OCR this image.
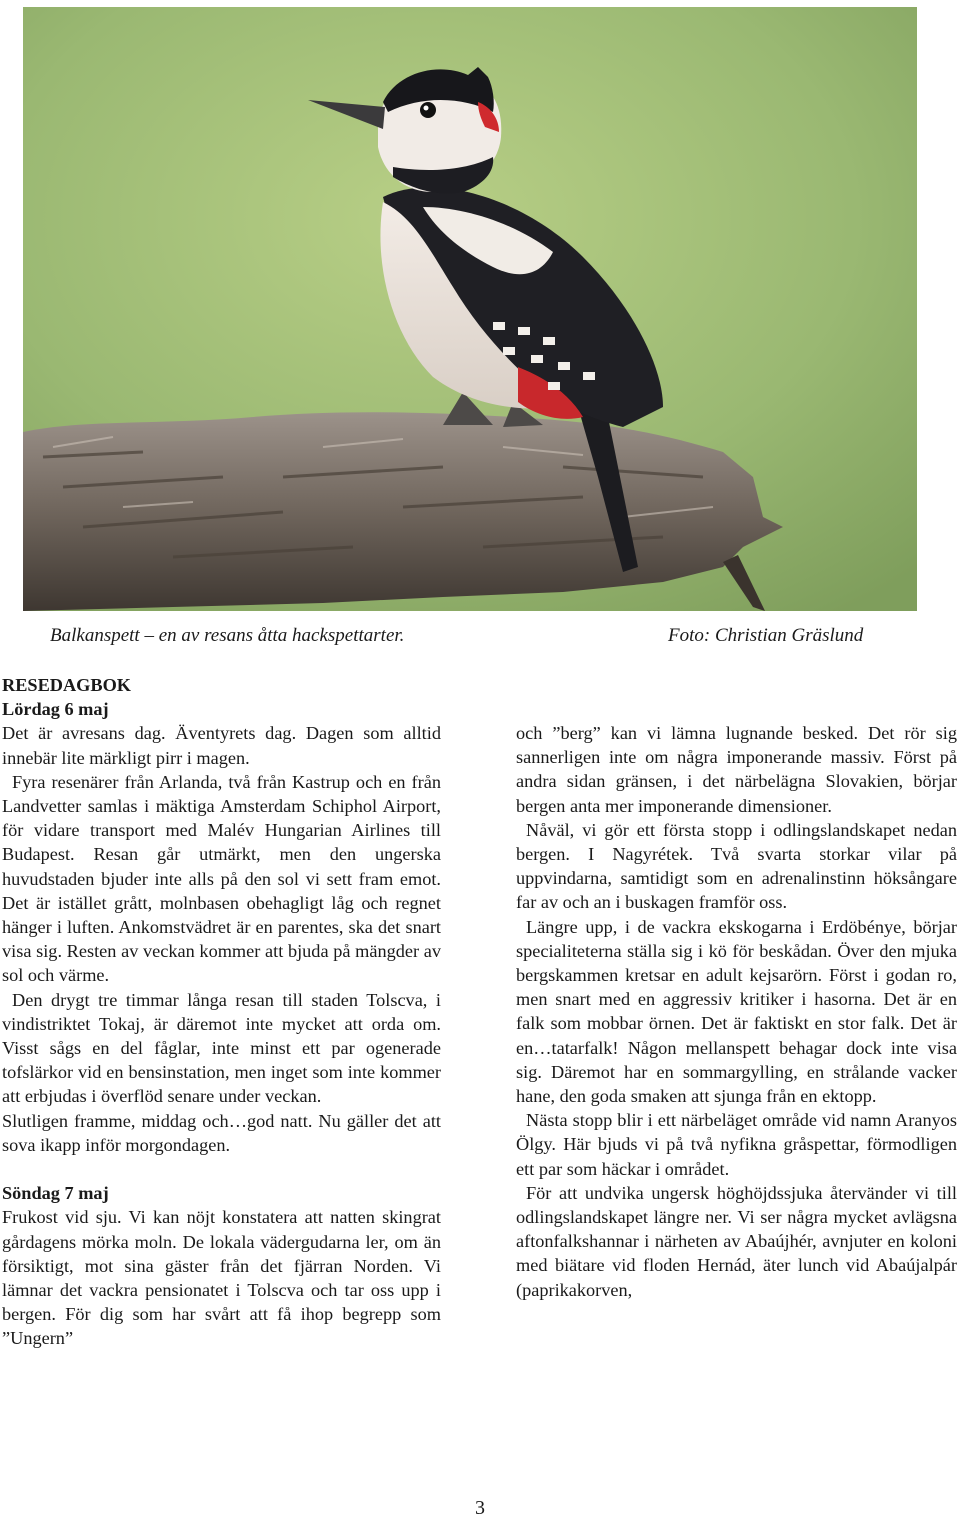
Balkanspett – en av resans åtta hackspettarter.	Foto: Christian Gräslund

RESEDAGBOK

Lördag 6 maj

Det är avresans dag. Äventyrets dag. Dagen som alltid innebär lite märkligt pirr i magen.

Fyra resenärer från Arlanda, två från Kastrup och en från Landvetter samlas i mäktiga Amsterdam Schiphol Airport, för vidare transport med Malév Hungarian Airlines till Budapest. Resan går utmärkt, men den ungerska huvudstaden bjuder inte alls på den sol vi sett fram emot. Det är istället grått, molnbasen obehagligt låg och regnet hänger i luften. Ankomstvädret är en parentes, ska det snart visa sig. Resten av veckan kommer att bjuda på mängder av sol och värme.

Den drygt tre timmar långa resan till staden Tolscva, i vindistriktet Tokaj, är däremot inte mycket att orda om. Visst sågs en del fåglar, inte minst ett par ogenerade tofslärkor vid en bensinstation, men inget som inte kommer att erbjudas i överflöd senare under veckan.

Slutligen framme, middag och…god natt. Nu gäller det att sova ikapp inför morgondagen.

Söndag 7 maj

Frukost vid sju. Vi kan nöjt konstatera att natten skingrat gårdagens mörka moln. De lokala vädergudarna ler, om än försiktigt, mot sina gäster från det fjärran Norden. Vi lämnar det vackra pensionatet i Tolscva och tar oss upp i bergen. För dig som har svårt att få ihop begrepp som ”Ungern”

och ”berg” kan vi lämna lugnande besked. Det rör sig sannerligen inte om några imponerande massiv. Först på andra sidan gränsen, i det närbelägna Slovakien, börjar bergen anta mer imponerande dimensioner.

Nåväl, vi gör ett första stopp i odlingslandskapet nedan bergen. I Nagyrétek. Två svarta storkar vilar på uppvindarna, samtidigt som en adrenalinstinn höksångare far av och an i buskagen framför oss.

Längre upp, i de vackra ekskogarna i Erdöbénye, börjar specialiteterna ställa sig i kö för beskådan. Över den mjuka bergskammen kretsar en adult kejsarörn. Först i godan ro, men snart med en aggressiv kritiker i hasorna. Det är en falk som mobbar örnen. Det är faktiskt en stor falk. Det är en…tatarfalk! Någon mellanspett behagar dock inte visa sig. Däremot har en sommargylling, en strålande vacker hane, den goda smaken att sjunga från en ektopp.

Nästa stopp blir i ett närbeläget område vid namn Aranyos Ölgy. Här bjuds vi på två nyfikna gråspettar, förmodligen ett par som häckar i området.

För att undvika ungersk höghöjdssjuka återvänder vi till odlingslandskapet längre ner. Vi ser några mycket avlägsna aftonfalkshannar i närheten av Abaújhér, avnjuter en koloni med biätare vid floden Hernád, äter lunch vid Abaújalpár (paprikakorven,

3
